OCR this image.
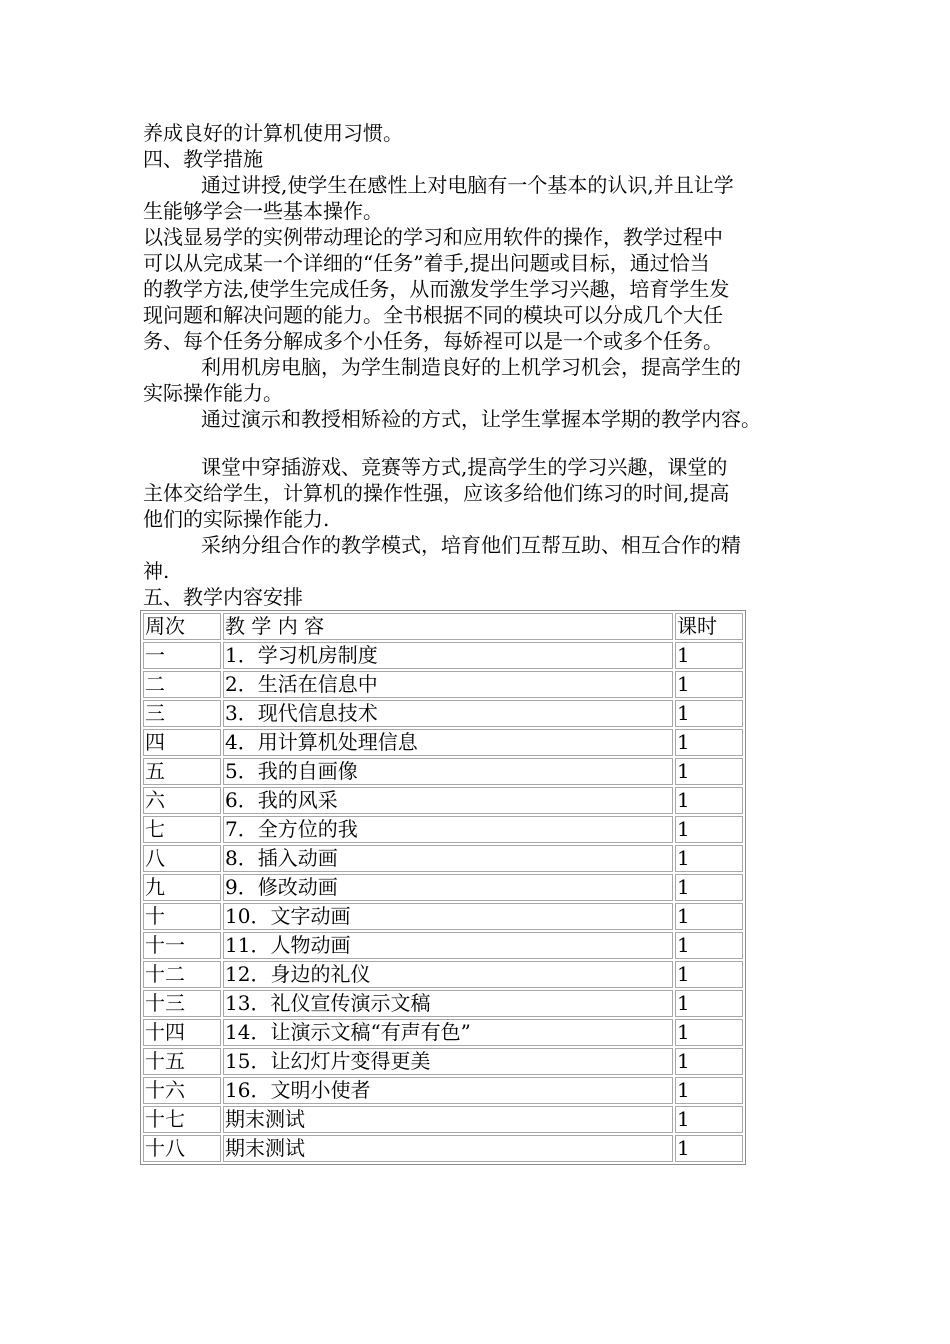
养成良好的计算机使用习惯。
四、教学措施
通过讲授,使学生在感性上对电脑有一个基本的认识,并且让学
生能够学会一些基本操作。
以浅显易学的实例带动理论的学习和应用软件的操作，教学过程中
可以从完成某一个详细的“任务”着手,提出问题或目标，通过恰当
的教学方法,使学生完成任务，从而激发学生学习兴趣，培育学生发
现问题和解决问题的能力。全书根据不同的模块可以分成几个大任
务、每个任务分解成多个小任务，每娇裎可以是一个或多个任务。
利用机房电脑，为学生制造良好的上机学习机会，提高学生的
实际操作能力。
通过演示和教授相矫裣的方式，让学生掌握本学期的教学内容。
课堂中穿插游戏、竞赛等方式,提高学生的学习兴趣，课堂的
主体交给学生，计算机的操作性强，应该多给他们练习的时间,提高
他们的实际操作能力.
采纳分组合作的教学模式，培育他们互帮互助、相互合作的精
神.
五、教学内容安排
周次	教 学 内 容	课时
一	1．学习机房制度	1
二	2．生活在信息中	1
三	3．现代信息技术	1
四	4．用计算机处理信息	1
五	5．我的自画像	1
六	6．我的风采	1
七	7．全方位的我	1
八	8．插入动画	1
九	9．修改动画	1
十	10．文字动画	1
十一	11．人物动画	1
十二	12．身边的礼仪	1
十三	13．礼仪宣传演示文稿	1
十四	14．让演示文稿“有声有色”	1
十五	15．让幻灯片变得更美	1
十六	16．文明小使者	1
十七	期末测试	1
十八	期末测试	1
